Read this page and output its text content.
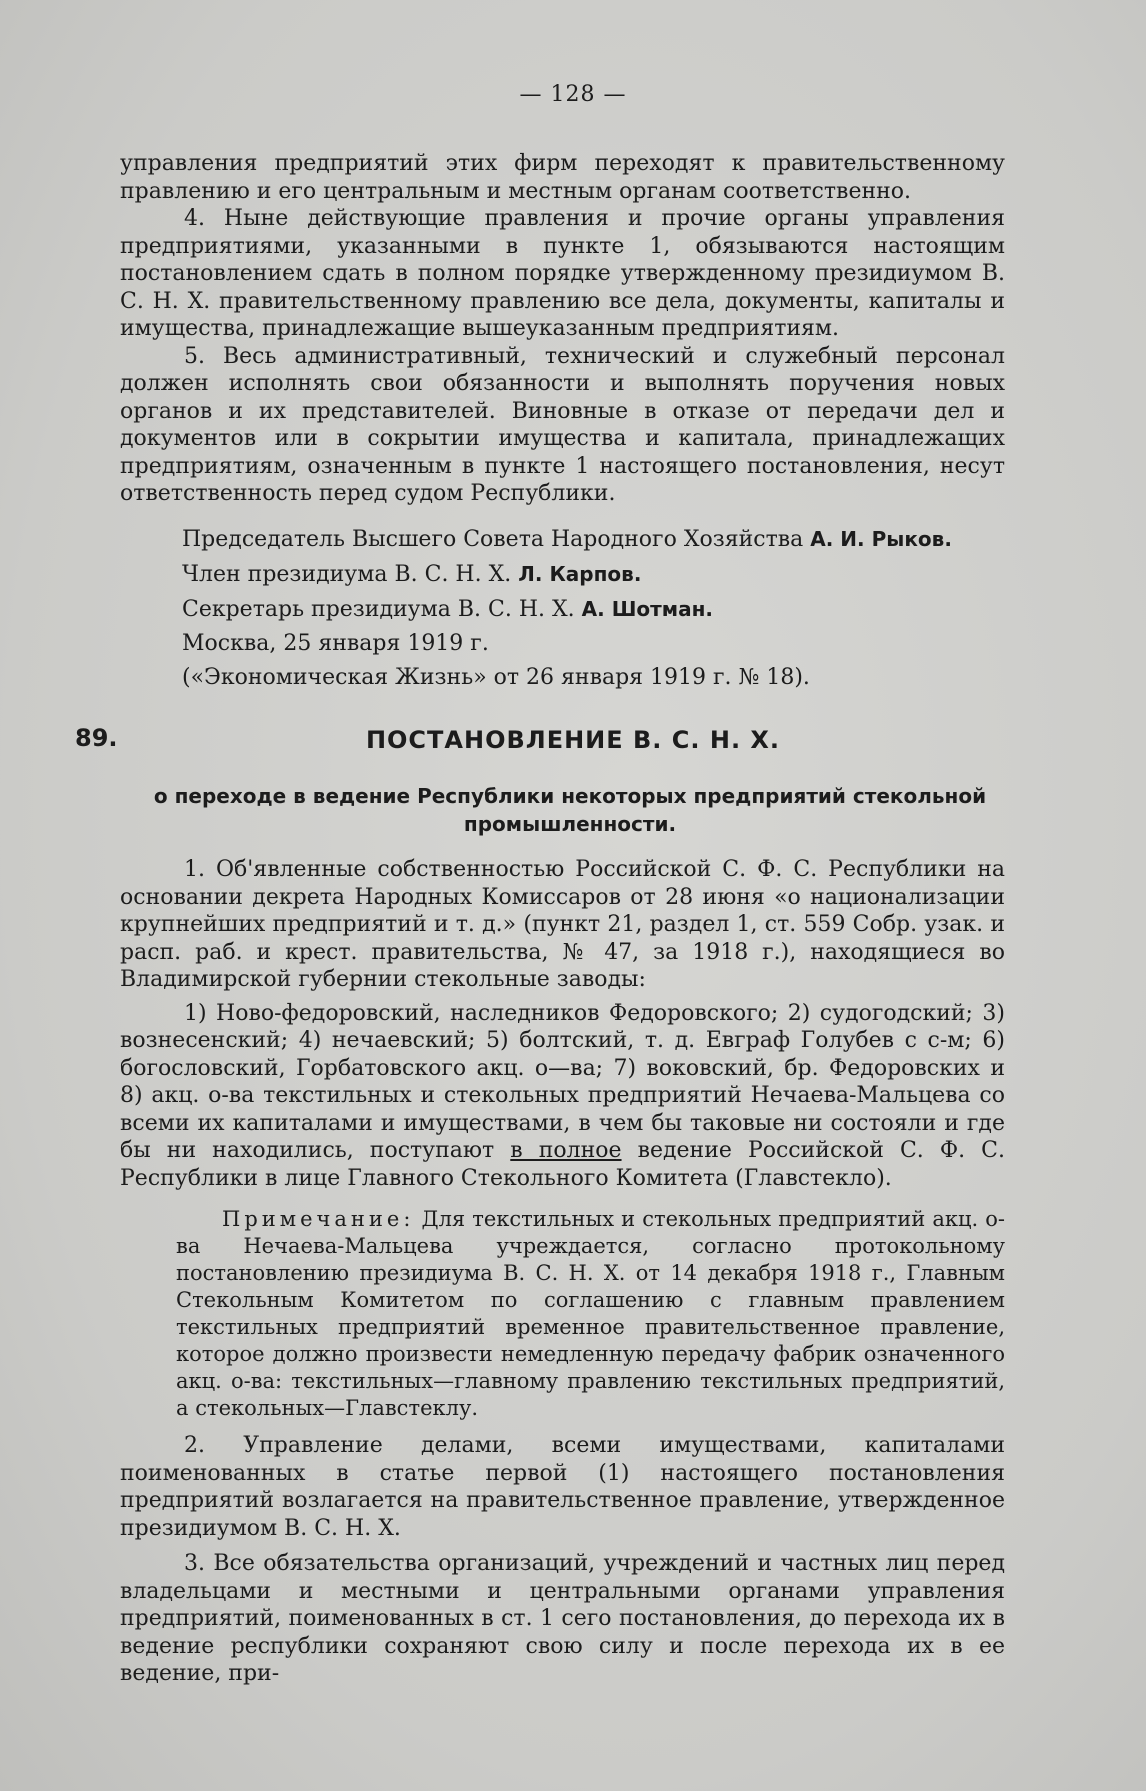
— 128 —

управления предприятий этих фирм переходят к правительственному правлению и его центральным и местным органам соответственно.

4. Ныне действующие правления и прочие органы управления предприятиями, указанными в пункте 1, обязываются настоящим постановлением сдать в полном порядке утвержденному президиумом В. С. Н. Х. правительственному правлению все дела, документы, капиталы и имущества, принадлежащие вышеуказанным предприятиям.

5. Весь административный, технический и служебный персонал должен исполнять свои обязанности и выполнять поручения новых органов и их представителей. Виновные в отказе от передачи дел и документов или в сокрытии имущества и капитала, принадлежащих предприятиям, означенным в пункте 1 настоящего постановления, несут ответственность перед судом Республики.

Председатель Высшего Совета Народного Хозяйства А. И. Рыков.
Член президиума В. С. Н. Х. Л. Карпов.
Секретарь президиума В. С. Н. Х. А. Шотман.
Москва, 25 января 1919 г.
(«Экономическая Жизнь» от 26 января 1919 г. № 18).
89.	ПОСТАНОВЛЕНИЕ В. С. Н. Х.
о переходе в ведение Республики некоторых предприятий стекольной промышленности.

1. Об'явленные собственностью Российской С. Ф. С. Республики на основании декрета Народных Комиссаров от 28 июня «о национализации крупнейших предприятий и т. д.» (пункт 21, раздел 1, ст. 559 Собр. узак. и расп. раб. и крест. правительства, № 47, за 1918 г.), находящиеся во Владимирской губернии стекольные заводы:

1) Ново-федоровский, наследников Федоровского; 2) судогодский; 3) вознесенский; 4) нечаевский; 5) болтский, т. д. Евграф Голубев с с-м; 6) богословский, Горбатовского акц. о—ва; 7) воковский, бр. Федоровских и 8) акц. о-ва текстильных и стекольных предприятий Нечаева-Мальцева со всеми их капиталами и имуществами, в чем бы таковые ни состояли и где бы ни находились, поступают в полное ведение Российской С. Ф. С. Республики в лице Главного Стекольного Комитета (Главстекло).

Примечание: Для текстильных и стекольных предприятий акц. о-ва Нечаева-Мальцева учреждается, согласно протокольному постановлению президиума В. С. Н. Х. от 14 декабря 1918 г., Главным Стекольным Комитетом по соглашению с главным правлением текстильных предприятий временное правительственное правление, которое должно произвести немедленную передачу фабрик означенного акц. о-ва: текстильных—главному правлению текстильных предприятий, а стекольных—Главстеклу.

2. Управление делами, всеми имуществами, капиталами поименованных в статье первой (1) настоящего постановления предприятий возлагается на правительственное правление, утвержденное президиумом В. С. Н. Х.

3. Все обязательства организаций, учреждений и частных лиц перед владельцами и местными и центральными органами управления предприятий, поименованных в ст. 1 сего постановления, до перехода их в ведение республики сохраняют свою силу и после перехода их в ее ведение, при-
